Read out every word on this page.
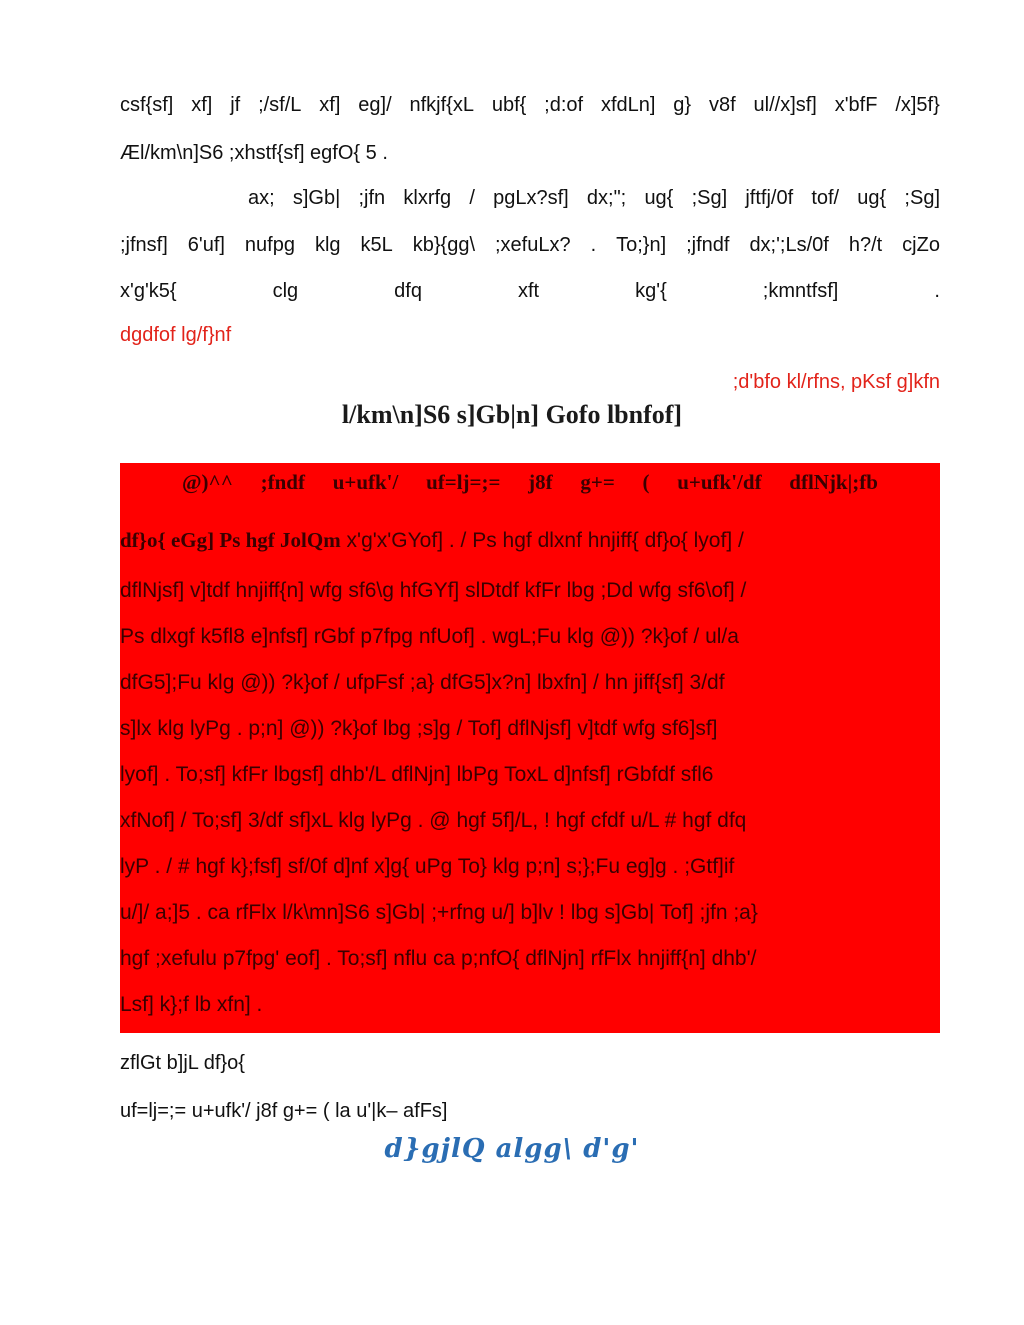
csf{sf] xf] jf ;/sf/L xf] eg]/ nfkjf{xL ubf{ ;d:of xfdLn] g} v8f ul//x]sf] x'bfF /x]5f}
Æl/km\n]S6 ;xhstf{sf] egfO{ 5 .
ax; s]Gb| ;jfn klxrfg / pgLx?sf] dx;"; ug{ ;Sg] jftfj/0f tof/ ug{ ;Sg]
;jfnsf] 6'uf] nufpg klg k5L kb}{gg\ ;xefuLx? . To;}n] ;jfndf dx;';Ls/0f h?/t cjZo
x'g'k5{	clg	dfq	xft	kg'{	;kmntfsf]	.
dgdfof lg/f}nf
;d'bfo kl/rfns, pKsf g]kfn
l/km\n]S6 s]Gb|n] Gofo lbnfof]
@)^^ ;fndf u+ufk'/ uf=lj=;= j8f g+= ( u+ufk'/df dflNjk|;fb
df}o{ eGg] Ps hgf JolQm x'g'x'GYof] . / Ps hgf dlxnf hnjiff{ df}o{ lyof] /
dflNjsf] v]tdf hnjiff{n] wfg sf6\g hfGYf] slDtdf kfFr lbg ;Dd wfg sf6\of] /
Ps dlxgf k5fl8 e]nfsf] rGbf p7fpg nfUof] . wgL;Fu klg @)) ?k}of / ul/a
dfG5];Fu klg @)) ?k}of / ufpFsf ;a} dfG5]x?n] lbxfn] / hn jiff{sf] 3/df
s]lx klg lyPg . p;n] @)) ?k}of lbg ;s]g / Tof] dflNjsf] v]tdf wfg sf6]sf]
lyof] . To;sf] kfFr lbgsf] dhb'/L dflNjn] lbPg ToxL d]nfsf] rGbfdf sfl6
xfNof] / To;sf] 3/df sf]xL klg lyPg . @ hgf 5f]/L, ! hgf cfdf u/L # hgf dfq
lyP . / # hgf k};fsf] sf/0f d]nf x]g{ uPg To} klg p;n] s;};Fu eg]g . ;Gtf]if
u/]/ a;]5 . ca rfFlx l/k\mn]S6 s]Gb| ;+rfng u/] b]lv ! lbg s]Gb| Tof] ;jfn ;a}
hgf ;xefulu p7fpg' eof] . To;sf] nflu ca p;nfO{ dflNjn] rfFlx hnjiff{n] dhb'/
Lsf] k};f lb xfn] .
zflGt b]jL df}o{
uf=lj=;= u+ufk'/ j8f g+= ( la u'|k– afFs]
d}gjlQ algg\ d'g'
